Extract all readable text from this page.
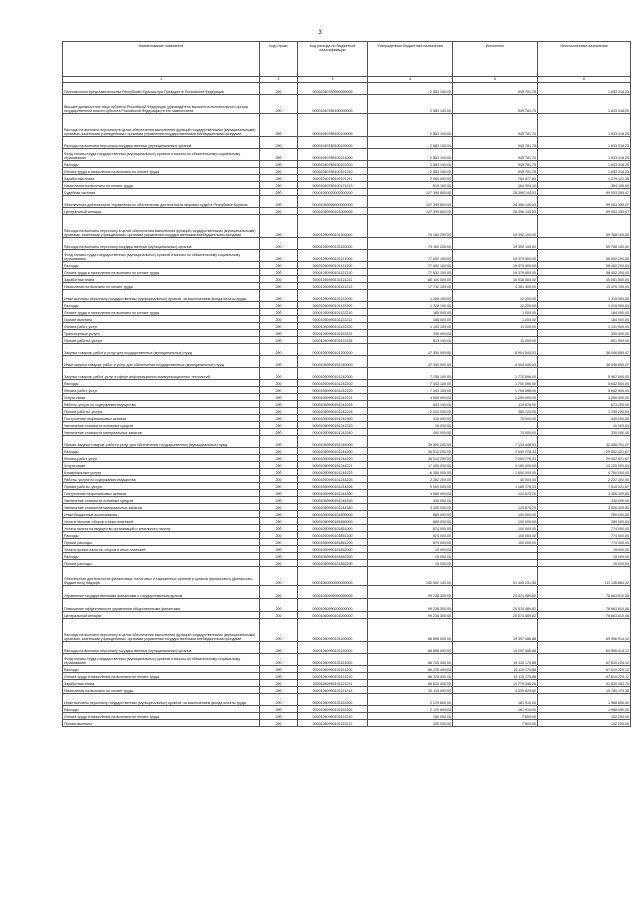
3
Наименование показателя	Код строки	Код расхода по бюджетной классификации	Утвержденные бюджетные назначения	Исполнено	Неисполненные назначения
1	2	3	4	5	6
Полномочного представительства Республики Бурятия при Президенте Российской Федерации	200	00001040780000000000	2 583 100,00	949 781,75	1 633 318,25
Высшее должностное лицо субъекта Российской Федерации (руководитель высшего исполнительного органа государственной власти субъекта Российской Федерации) и его заместители	200	00001040780100000000	2 583 100,00	949 781,75	1 633 318,25
Расходы на выплаты персоналу в целях обеспечения выполнения функций государственными (муниципальными) органами, казенными учреждениями, органами управления государственными внебюджетными фондами	200	00001040780100100000	2 583 100,00	949 781,75	1 633 318,25
Расходы на выплаты персоналу государственных (муниципальных) органов	200	00001040780100120000	2 583 100,00	949 781,75	1 633 318,25
Фонд оплаты труда государственных (муниципальных) органов и взносы по обязательному социальному страхованию	200	00001040780100121000	2 583 100,00	949 781,75	1 633 318,25
Расходы	200	00001040780100121200	2 583 100,00	949 781,75	1 633 318,25
Оплата труда и начисления на выплаты по оплате труда	200	00001040780100121210	2 583 100,00	949 781,75	1 633 318,25
Заработная плата	200	00001040780100121211	2 064 000,00	784 877,65	1 279 122,35
Начисления на выплаты по оплате труда	200	00001040780100121213	519 100,00	164 904,10	354 195,90
Судебная система	200	00001050000000000000	127 399 600,00	28 396 144,53	99 003 355,47
Обеспечение деятельности Управления по обеспечению деятельности мировых судей в Республике Бурятия	200	00001050990000000000	127 399 600,00	28 396 144,53	99 003 355,47
Центральный аппарат	200	00001050990101000000	127 399 600,00	28 396 144,53	99 003 355,47
Расходы на выплаты персоналу в целях обеспечения выполнения функций государственными (муниципальными) органами, казенными учреждениями, органами управления государственными внебюджетными фондами	200	00001050990101100000	79 160 200,00	19 392 100,00	59 768 100,00
Расходы на выплаты персоналу государственных (муниципальных) органов	200	00001050990101120000	79 160 200,00	19 392 100,00	59 768 100,00
Фонд оплаты труда государственных (муниципальных) органов и взносы по обязательному социальному страхованию	200	00001050990101121000	77 632 100,00	19 379 900,00	58 452 200,00
Расходы	200	00001050990101121200	77 632 100,00	19 379 900,00	58 452 200,00
Оплата труда и начисления на выплаты по оплате труда	200	00001050990101121210	77 632 100,00	19 379 900,00	58 452 200,00
Заработная плата	200	00001050990101121211	60 100 000,00	15 018 500,00	45 081 500,00
Начисления на выплаты по оплате труда	200	00001050990101121213	17 732 100,00	4 361 400,00	13 370 700,00
Иные выплаты персоналу государственных (муниципальных) органов, за исключением фонда оплаты труда	200	00001050990101122000	1 328 100,00	12 200,00	1 315 900,00
Расходы	200	00001050990101122200	1 328 100,00	12 200,00	1 315 900,00
Оплата труда и начисления на выплаты по оплате труда	200	00001050990101122210	185 000,00	1 000,00	184 000,00
Прочие выплаты	200	00001050990101122212	185 000,00	1 000,00	184 000,00
Оплата работ, услуг	200	00001050990101122220	1 143 100,00	11 200,00	1 131 900,00
Транспортные услуги	200	00001050990101122222	330 000,00		330 000,00
Прочие работы, услуги	200	00001050990101122226	813 100,00	11 200,00	801 900,00
Закупка товаров, работ и услуг для государственных (муниципальных) нужд	200	00001050990101200000	47 350 900,00	8 904 044,53	38 446 855,47
Иные закупки товаров, работ и услуг для обеспечения государственных (муниципальных) нужд	200	00001050990101240000	47 350 900,00	8 904 044,53	38 446 855,47
Закупка товаров, работ, услуг в сфере информационно-коммуникационных технологий	200	00001050990101242000	7 758 100,00	1 770 596,00	5 987 504,00
Расходы	200	00001050990101242200	7 343 100,00	1 700 596,00	5 642 504,00
Оплата работ, услуг	200	00001050990101242220	7 343 100,00	1 700 596,00	5 642 504,00
Услуги связи	200	00001050990101242221	4 500 000,00	1 250 000,00	3 250 000,00
Работы, услуги по содержанию имущества	200	00001050990101242225	833 100,00	119 876,00	673 224,00
Прочие работы, услуги	200	00001050990101242226	2 010 000,00	350 720,00	1 759 280,00
Поступление нефинансовых активов	200	00001050990101242300	415 000,00	70 000,00	345 000,00
Увеличение стоимости основных средств	200	00001050990101242310	15 000,00		15 000,00
Увеличение стоимости материальных запасов	200	00001050990101242340	400 000,00	70 000,00	330 000,00
Прочая закупка товаров, работ и услуг для обеспечения государственных (муниципальных) нужд	200	00001050990101244000	39 592 200,00	7 133 448,53	32 458 751,47
Расходы	200	00001050990101244200	36 512 200,00	7 009 778,33	29 502 421,67
Оплата работ, услуг	200	00001050990101244220	36 012 200,00	7 009 778,33	29 002 421,67
Услуги связи	200	00001050990101244221	17 400 000,00	4 180 000,00	13 220 000,00
Коммунальные услуги	200	00001050990101244223	6 350 000,00	1 600 000,00	4 750 000,00
Работы, услуги по содержанию имущества	200	00001050990101244225	2 262 200,00	40 000,00	2 222 200,00
Прочие работы, услуги	200	00001050990101244226	9 000 000,00	1 189 778,33	7 810 221,67
Поступление нефинансовых активов	200	00001050990101244300	3 580 000,00	123 670,20	3 456 329,80
Увеличение стоимости основных средств	200	00001050990101244310	430 000,00		430 000,00
Увеличение стоимости материальных запасов	200	00001050990101244340	3 150 000,00	123 670,20	3 026 329,80
Иные бюджетные ассигнования	200	00001050990101800000	889 000,00	100 000,00	789 000,00
Уплата налогов, сборов и иных платежей	200	00001050990101850000	889 000,00	100 000,00	789 000,00
Уплата налога на имущество организаций и земельного налога	200	00001050990101851000	874 000,00	100 000,00	774 000,00
Расходы	200	00001050990101851200	874 000,00	100 000,00	774 000,00
Прочие расходы	200	00001050990101851290	874 000,00	100 000,00	774 000,00
Уплата прочих налогов, сборов и иных платежей	200	00001050990101852000	15 000,00		15 000,00
Расходы	200	00001050990101852200	15 000,00		15 000,00
Прочие расходы	200	00001050990101852290	15 000,00		15 000,00
Обеспечение деятельности финансовых, налоговых и таможенных органов и органов финансового (финансово-бюджетного) надзора	200	00001060000000000000	142 502 100,00	31 405 231,58	111 136 864,32
Управление государственными финансами и государственным долгом	200	00001060990000000000	99 238 300,00	20 574 489,82	78 663 810,08
Повышение эффективности управления общественными финансами	200	00001060990200000000	99 238 300,00	20 574 489,82	78 663 810,08
Центральный аппарат	200	00001060990101000000	99 238 300,00	20 574 489,82	78 663 810,08
Расходы на выплаты персоналу в целях обеспечения выполнения функций государственными (муниципальными) органами, казенными учреждениями, органами управления государственными внебюджетными фондами	200	00001060990101100000	88 896 000,00	19 397 086,88	69 598 914,12
Расходы на выплаты персоналу государственных (муниципальных) органов	200	00001060990101120000	88 896 000,00	19 297 086,88	69 598 914,12
Фонд оплаты труда государственных (муниципальных) органов и взносы по обязательному социальному страхованию	200	00001060990101121000	86 725 400,00	19 115 175,88	67 610 224,12
Расходы	200	00001060990101121200	86 725 400,00	19 115 175,88	67 610 224,12
Оплата труда и начисления на выплаты по оплате труда	200	00001060990101121210	86 725 400,00	19 115 175,88	67 610 224,12
Заработная плата	200	00001060990101121211	66 610 400,00	14 779 346,26	51 830 053,74
Начисления на выплаты по оплате труда	200	00001060990101121213	20 115 000,00	4 335 829,62	15 780 170,38
Иные выплаты персоналу государственных (муниципальных) органов, за исключением фонда оплаты труда	200	00001060990101122000	2 170 600,00	181 910,00	1 988 690,00
Расходы	200	00001060990101122200	2 170 600,00	181 910,00	1 988 690,00
Оплата труда и начисления на выплаты по оплате труда	200	00001060990101122210	150 000,00	7 800,00	142 200,00
Прочие выплаты	200	00001060990101122212	150 000,00	7 800,00	142 200,00
